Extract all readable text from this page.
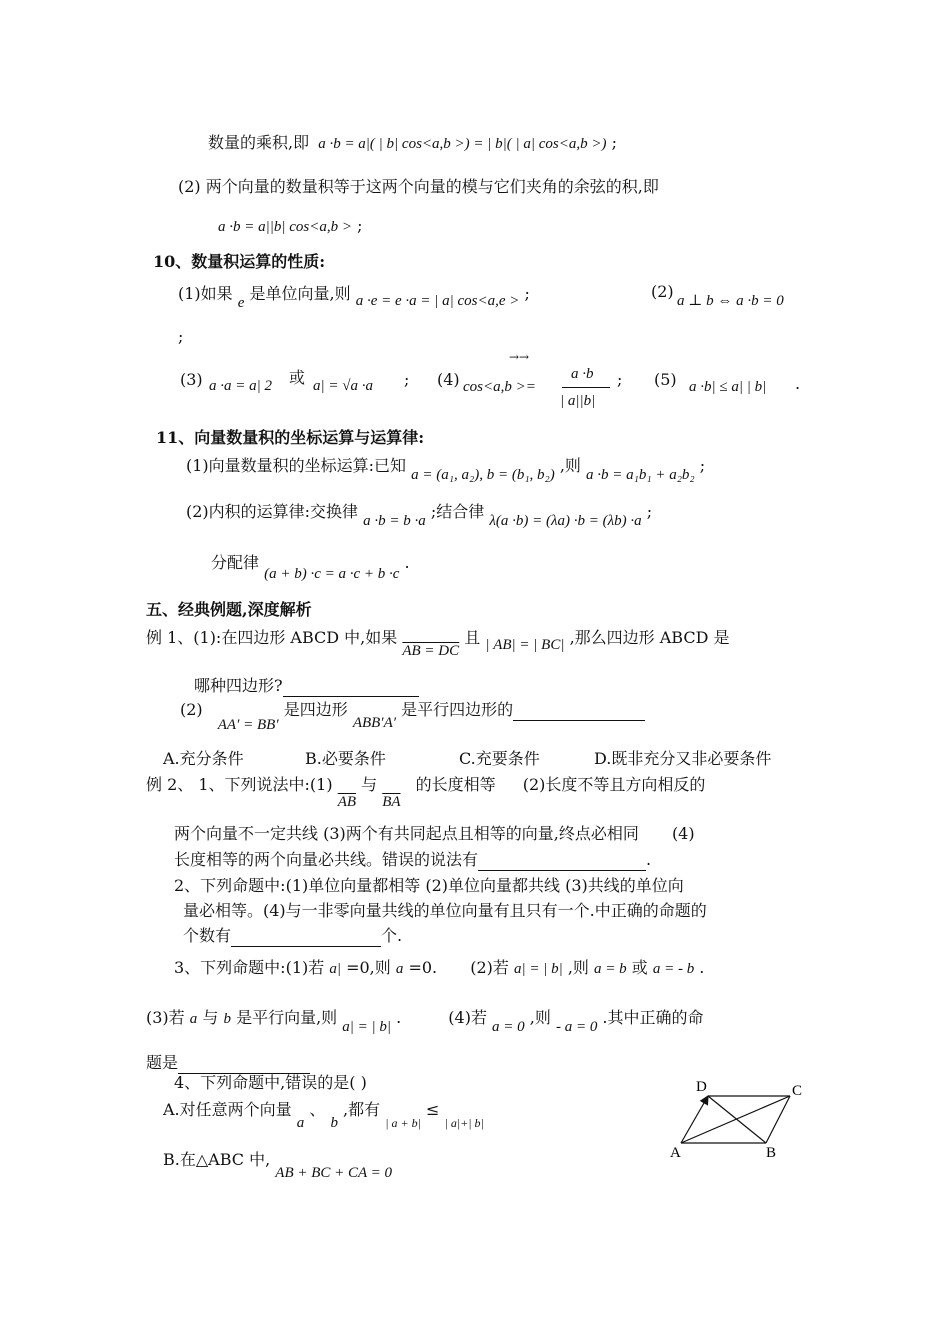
数量的乘积,即 a ·b = a|( | b| cos<a,b >) = | b|( | a| cos<a,b >) ;
(2) 两个向量的数量积等于这两个向量的模与它们夹角的余弦的积,即
a ·b = a||b| cos<a,b > ;
10、数量积运算的性质:
(1)如果 e 是单位向量,则 a ·e = e ·a = | a| cos<a,e > ;	(2) a ⊥ b ⇔ a ·b = 0
;
(3) a ·a = a| 2 或 a| = √a ·a ; (4) cos<a,b >=
→→
a ·b
| a||b|
; (5) a ·b| ≤ a| | b| .
11、向量数量积的坐标运算与运算律:
(1)向量数量积的坐标运算:已知 a = (a₁, a₂), b = (b₁, b₂) ,则 a ·b = a₁b₁ + a₂b₂ ;
(2)内积的运算律:交换律 a ·b = b ·a ;结合律 λ(a ·b) = (λa) ·b = (λb) ·a ;
分配律 (a + b) ·c = a ·c + b ·c .
五、经典例题,深度解析
例 1、(1):在四边形 ABCD 中,如果 AB = DC 且 | AB| = | BC| ,那么四边形 ABCD 是
哪种四边形?
(2) AA′ = BB′ 是四边形 ABB′A′ 是平行四边形的
A.充分条件	B.必要条件	C.充要条件	D.既非充分又非必要条件
例 2、 1、下列说法中:(1) $\overline{AB}$ 与 $\overline{BA}$ 的长度相等 (2)长度不等且方向相反的
两个向量不一定共线 (3)两个有共同起点且相等的向量,终点必相同 (4)
长度相等的两个向量必共线。错误的说法有	.
2、下列命题中:(1)单位向量都相等 (2)单位向量都共线 (3)共线的单位向
量必相等。(4)与一非零向量共线的单位向量有且只有一个.中正确的命题的
个数有	个.
3、下列命题中:(1)若 a| =0,则 a =0. (2)若 a| = | b| ,则 a = b 或 a = - b .
(3)若 a 与 b 是平行向量,则 a| = | b| .	(4)若 a = 0 ,则 - a = 0 .其中正确的命
题是
4、下列命题中,错误的是( )
A.对任意两个向量 a 、 b ,都有 $_{| a + b|}$ ≤ $_{| a|+| b|}$
B.在△ABC 中, AB + BC + CA = 0
A	B
C
D
